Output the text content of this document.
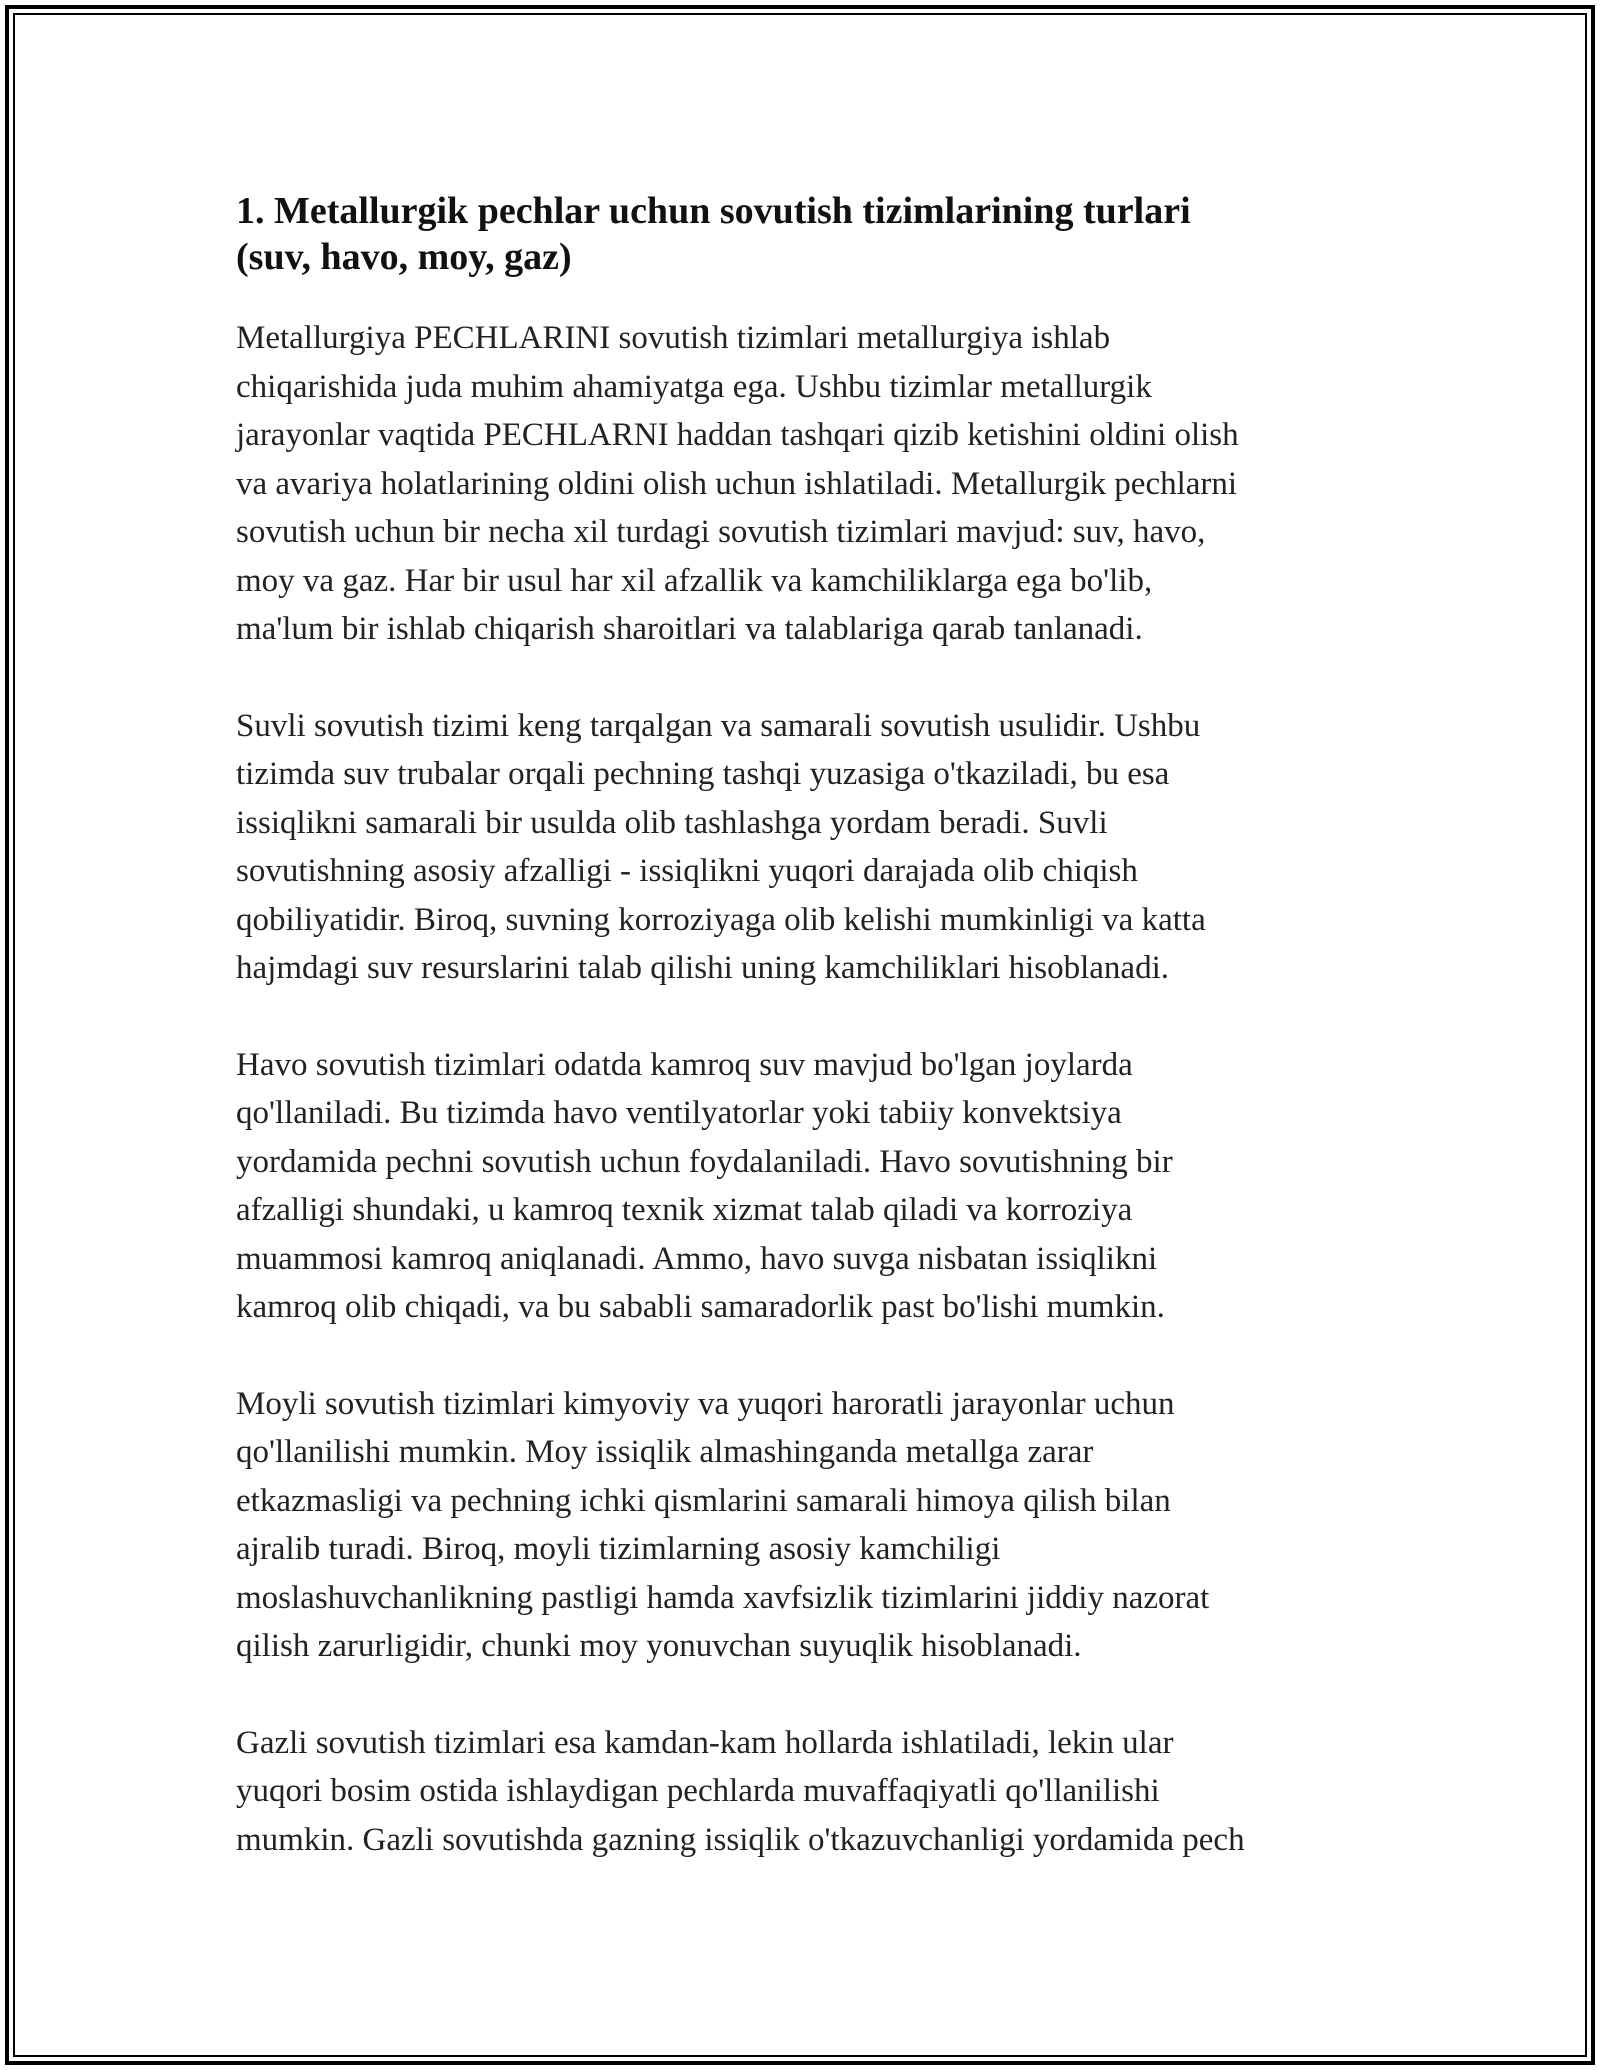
1. Metallurgik pechlar uchun sovutish tizimlarining turlari
(suv, havo, moy, gaz)

Metallurgiya PECHLARINI sovutish tizimlari metallurgiya ishlab
chiqarishida juda muhim ahamiyatga ega. Ushbu tizimlar metallurgik
jarayonlar vaqtida PECHLARNI haddan tashqari qizib ketishini oldini olish
va avariya holatlarining oldini olish uchun ishlatiladi. Metallurgik pechlarni
sovutish uchun bir necha xil turdagi sovutish tizimlari mavjud: suv, havo,
moy va gaz. Har bir usul har xil afzallik va kamchiliklarga ega bo'lib,
ma'lum bir ishlab chiqarish sharoitlari va talablariga qarab tanlanadi.

Suvli sovutish tizimi keng tarqalgan va samarali sovutish usulidir. Ushbu
tizimda suv trubalar orqali pechning tashqi yuzasiga o'tkaziladi, bu esa
issiqlikni samarali bir usulda olib tashlashga yordam beradi. Suvli
sovutishning asosiy afzalligi - issiqlikni yuqori darajada olib chiqish
qobiliyatidir. Biroq, suvning korroziyaga olib kelishi mumkinligi va katta
hajmdagi suv resurslarini talab qilishi uning kamchiliklari hisoblanadi.

Havo sovutish tizimlari odatda kamroq suv mavjud bo'lgan joylarda
qo'llaniladi. Bu tizimda havo ventilyatorlar yoki tabiiy konvektsiya
yordamida pechni sovutish uchun foydalaniladi. Havo sovutishning bir
afzalligi shundaki, u kamroq texnik xizmat talab qiladi va korroziya
muammosi kamroq aniqlanadi. Ammo, havo suvga nisbatan issiqlikni
kamroq olib chiqadi, va bu sababli samaradorlik past bo'lishi mumkin.

Moyli sovutish tizimlari kimyoviy va yuqori haroratli jarayonlar uchun
qo'llanilishi mumkin. Moy issiqlik almashinganda metallga zarar
etkazmasligi va pechning ichki qismlarini samarali himoya qilish bilan
ajralib turadi. Biroq, moyli tizimlarning asosiy kamchiligi
moslashuvchanlikning pastligi hamda xavfsizlik tizimlarini jiddiy nazorat
qilish zarurligidir, chunki moy yonuvchan suyuqlik hisoblanadi.

Gazli sovutish tizimlari esa kamdan-kam hollarda ishlatiladi, lekin ular
yuqori bosim ostida ishlaydigan pechlarda muvaffaqiyatli qo'llanilishi
mumkin. Gazli sovutishda gazning issiqlik o'tkazuvchanligi yordamida pech
